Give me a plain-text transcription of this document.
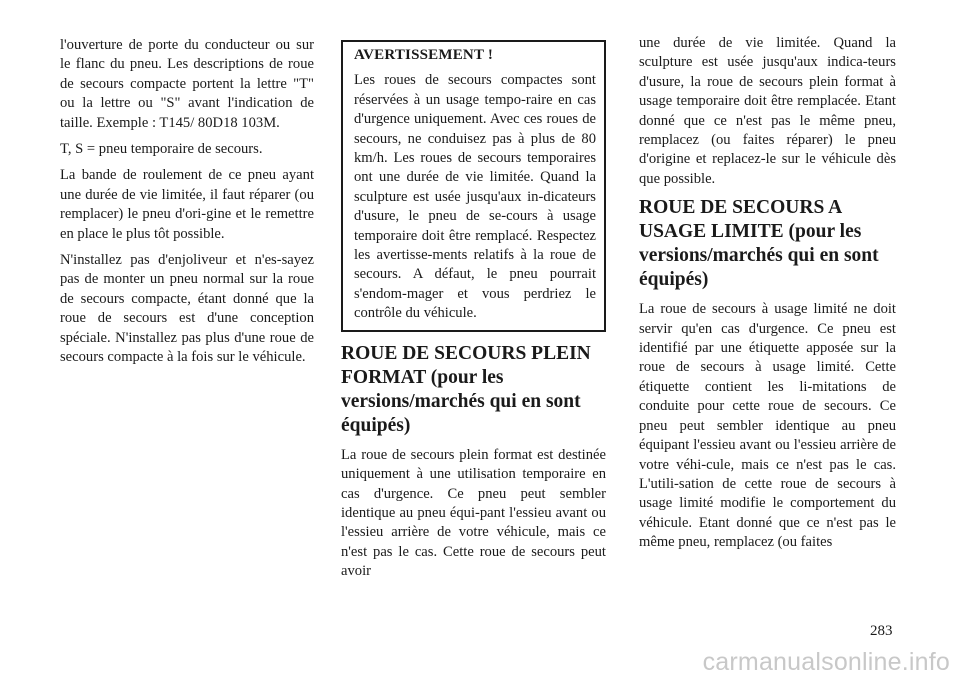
l'ouverture de porte du conducteur ou sur le flanc du pneu. Les descriptions de roue de secours compacte portent la lettre "T" ou la lettre ou "S" avant l'indication de taille. Exemple : T145/ 80D18 103M.

T, S = pneu temporaire de secours.

La bande de roulement de ce pneu ayant une durée de vie limitée, il faut réparer (ou remplacer) le pneu d'ori-gine et le remettre en place le plus tôt possible.

N'installez pas d'enjoliveur et n'es-sayez pas de monter un pneu normal sur la roue de secours compacte, étant donné que la roue de secours est d'une conception spéciale. N'installez pas plus d'une roue de secours compacte à la fois sur le véhicule.

AVERTISSEMENT !

Les roues de secours compactes sont réservées à un usage tempo-raire en cas d'urgence uniquement. Avec ces roues de secours, ne conduisez pas à plus de 80 km/h. Les roues de secours temporaires ont une durée de vie limitée. Quand la sculpture est usée jusqu'aux in-dicateurs d'usure, le pneu de se-cours à usage temporaire doit être remplacé. Respectez les avertisse-ments relatifs à la roue de secours. A défaut, le pneu pourrait s'endom-mager et vous perdriez le contrôle du véhicule.

ROUE DE SECOURS PLEIN FORMAT (pour les versions/marchés qui en sont équipés)

La roue de secours plein format est destinée uniquement à une utilisation temporaire en cas d'urgence. Ce pneu peut sembler identique au pneu équi-pant l'essieu avant ou l'essieu arrière de votre véhicule, mais ce n'est pas le cas. Cette roue de secours peut avoir

une durée de vie limitée. Quand la sculpture est usée jusqu'aux indica-teurs d'usure, la roue de secours plein format à usage temporaire doit être remplacée. Etant donné que ce n'est pas le même pneu, remplacez (ou faites réparer) le pneu d'origine et replacez-le sur le véhicule dès que possible.

ROUE DE SECOURS A USAGE LIMITE (pour les versions/marchés qui en sont équipés)

La roue de secours à usage limité ne doit servir qu'en cas d'urgence. Ce pneu est identifié par une étiquette apposée sur la roue de secours à usage limité. Cette étiquette contient les li-mitations de conduite pour cette roue de secours. Ce pneu peut sembler identique au pneu équipant l'essieu avant ou l'essieu arrière de votre véhi-cule, mais ce n'est pas le cas. L'utili-sation de cette roue de secours à usage limité modifie le comportement du véhicule. Etant donné que ce n'est pas le même pneu, remplacez (ou faites

283
carmanualsonline.info
